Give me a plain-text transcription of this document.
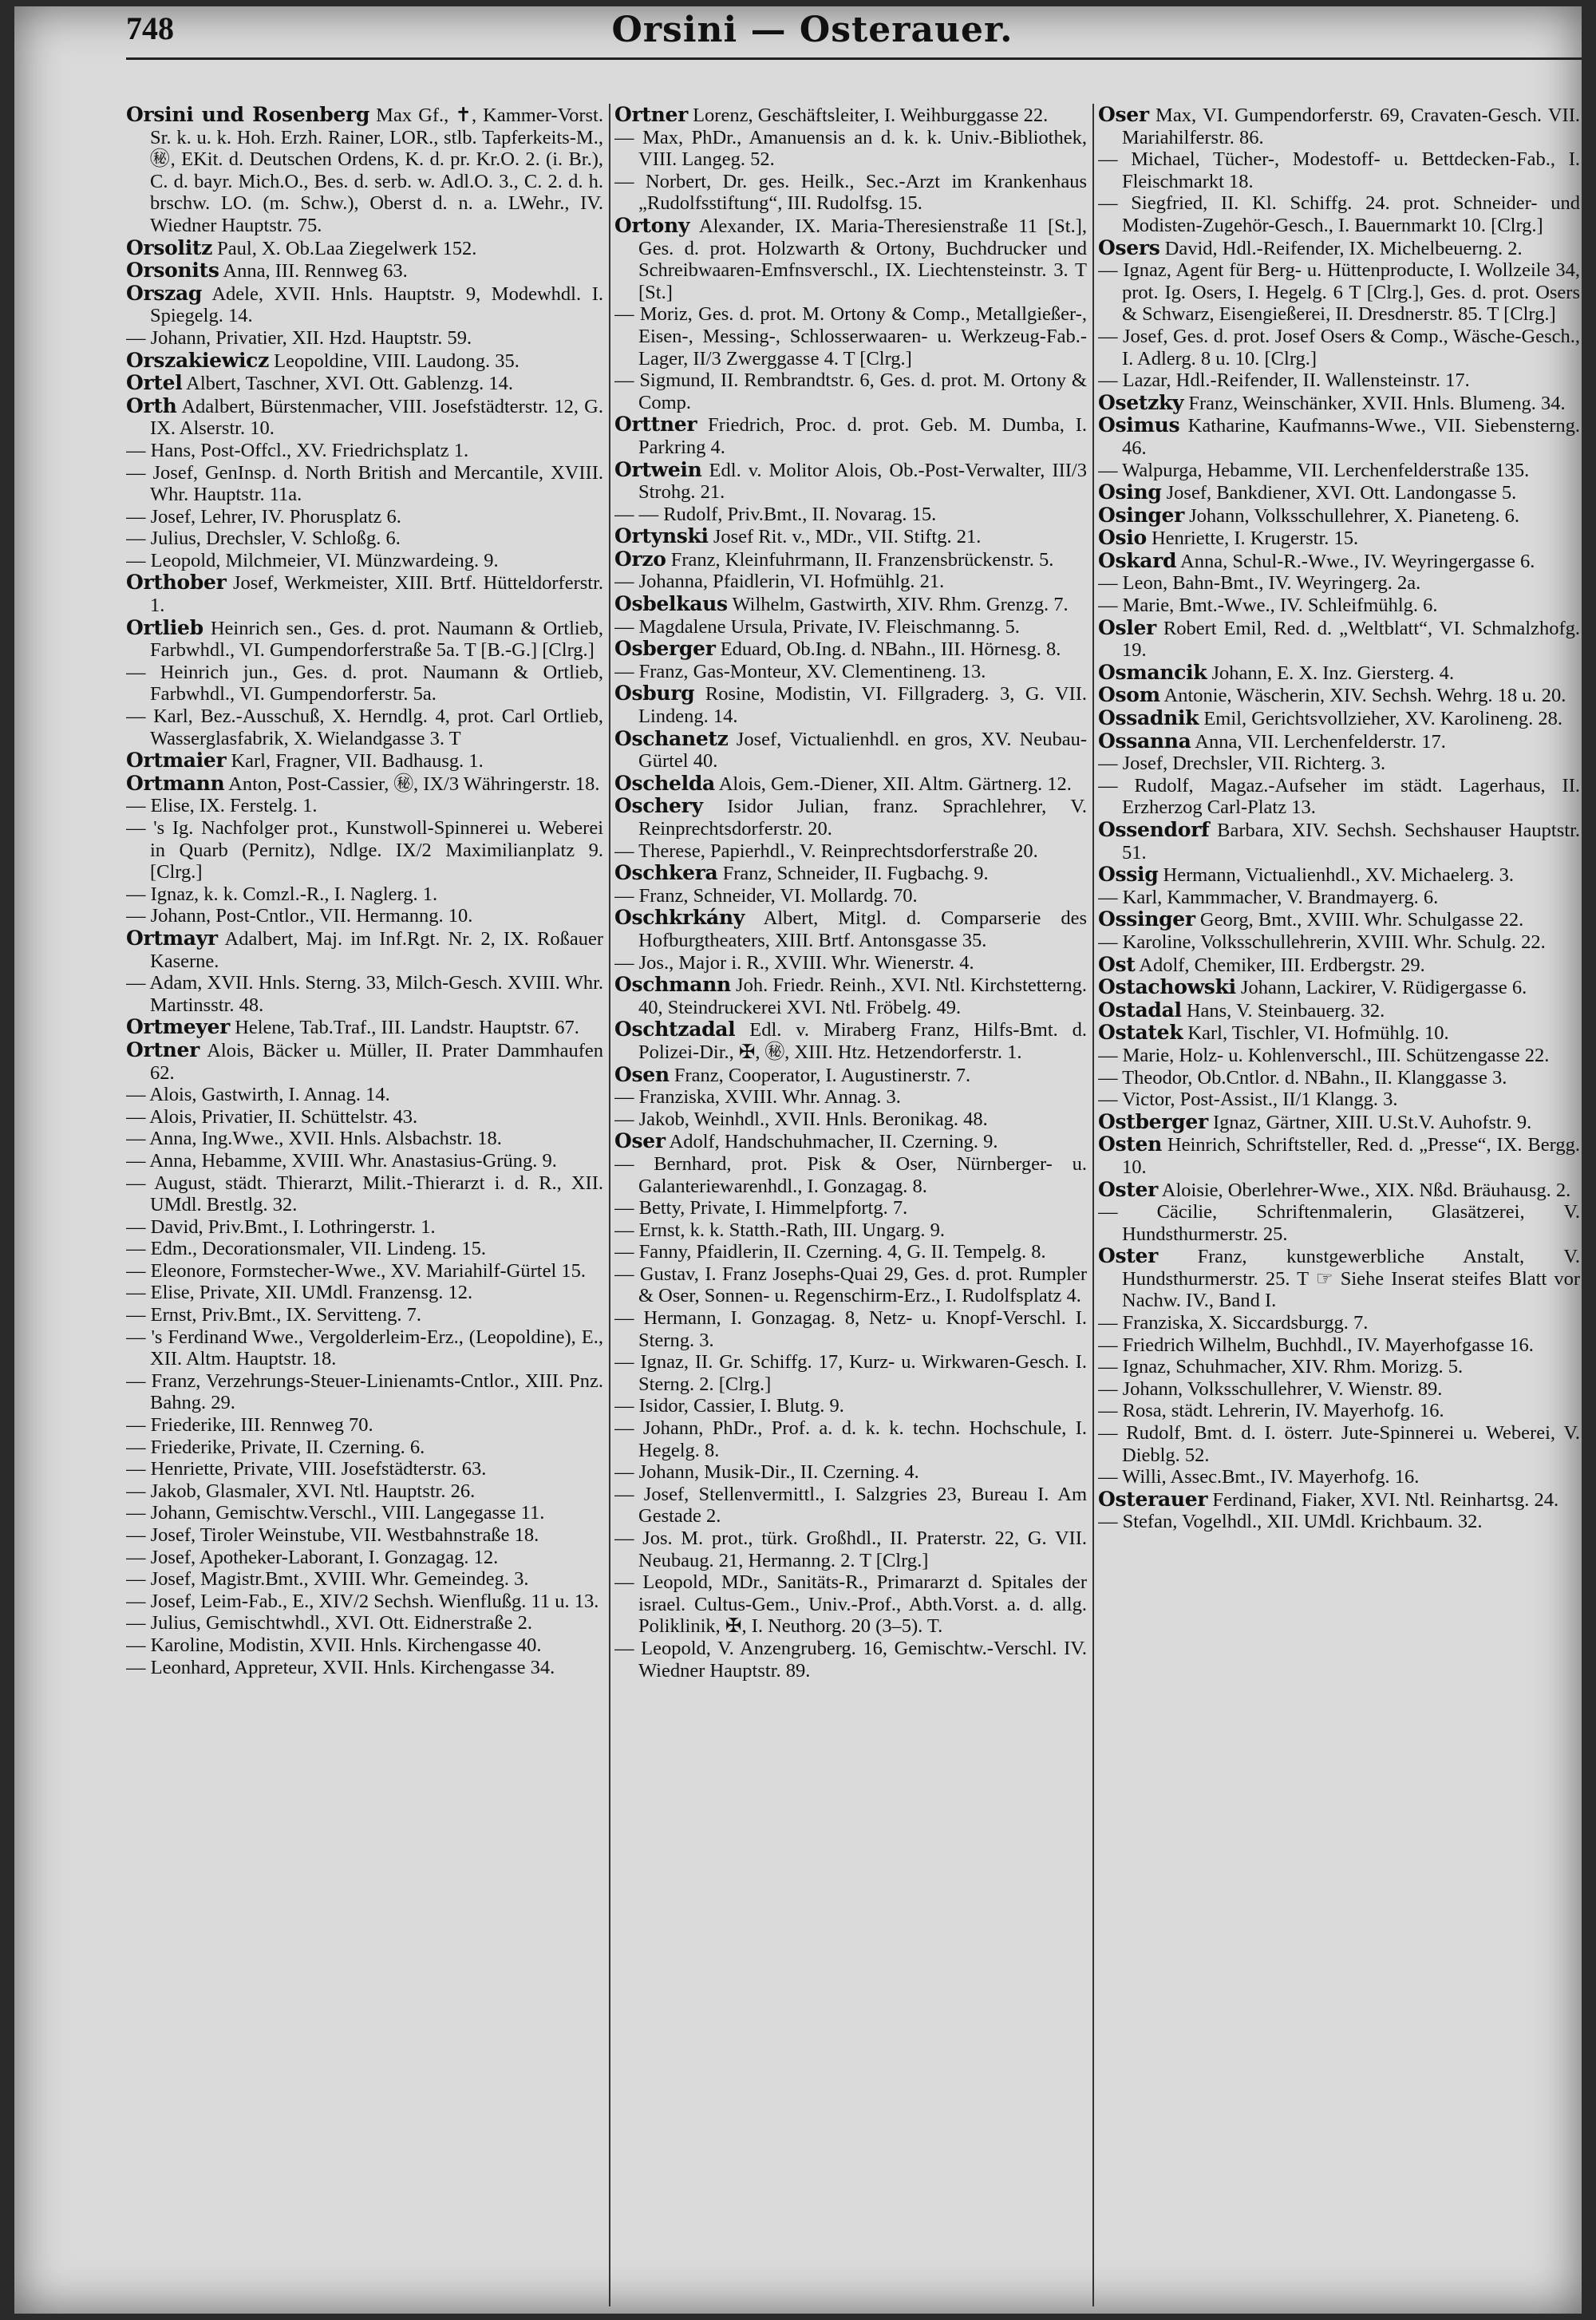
748	Orsini — Osterauer.

Orsini und Rosenberg Max Gf., ✝, Kammer-Vorst. Sr. k. u. k. Hoh. Erzh. Rainer, LOR., stlb. Tapferkeits-M., ㊙, EKit. d. Deutschen Ordens, K. d. pr. Kr.O. 2. (i. Br.), C. d. bayr. Mich.O., Bes. d. serb. w. Adl.O. 3., C. 2. d. h. brschw. LO. (m. Schw.), Oberst d. n. a. LWehr., IV. Wiedner Hauptstr. 75.

Orsolitz Paul, X. Ob.Laa Ziegelwerk 152.

Orsonits Anna, III. Rennweg 63.

Orszag Adele, XVII. Hnls. Hauptstr. 9, Modewhdl. I. Spiegelg. 14.

— Johann, Privatier, XII. Hzd. Hauptstr. 59.

Orszakiewicz Leopoldine, VIII. Laudong. 35.

Ortel Albert, Taschner, XVI. Ott. Gablenzg. 14.

Orth Adalbert, Bürstenmacher, VIII. Josefstädterstr. 12, G. IX. Alserstr. 10.

— Hans, Post-Offcl., XV. Friedrichsplatz 1.

— Josef, GenInsp. d. North British and Mercantile, XVIII. Whr. Hauptstr. 11a.

— Josef, Lehrer, IV. Phorusplatz 6.

— Julius, Drechsler, V. Schloßg. 6.

— Leopold, Milchmeier, VI. Münzwardeing. 9.

Orthober Josef, Werkmeister, XIII. Brtf. Hütteldorferstr. 1.

Ortlieb Heinrich sen., Ges. d. prot. Naumann & Ortlieb, Farbwhdl., VI. Gumpendorferstraße 5a. T [B.-G.] [Clrg.]

— Heinrich jun., Ges. d. prot. Naumann & Ortlieb, Farbwhdl., VI. Gumpendorferstr. 5a.

— Karl, Bez.-Ausschuß, X. Herndlg. 4, prot. Carl Ortlieb, Wasserglasfabrik, X. Wielandgasse 3. T

Ortmaier Karl, Fragner, VII. Badhausg. 1.

Ortmann Anton, Post-Cassier, ㊙, IX/3 Währingerstr. 18.

— Elise, IX. Ferstelg. 1.

— 's Ig. Nachfolger prot., Kunstwoll-Spinnerei u. Weberei in Quarb (Pernitz), Ndlge. IX/2 Maximilianplatz 9. [Clrg.]

— Ignaz, k. k. Comzl.-R., I. Naglerg. 1.

— Johann, Post-Cntlor., VII. Hermanng. 10.

Ortmayr Adalbert, Maj. im Inf.Rgt. Nr. 2, IX. Roßauer Kaserne.

— Adam, XVII. Hnls. Sterng. 33, Milch-Gesch. XVIII. Whr. Martinsstr. 48.

Ortmeyer Helene, Tab.Traf., III. Landstr. Hauptstr. 67.

Ortner Alois, Bäcker u. Müller, II. Prater Dammhaufen 62.

— Alois, Gastwirth, I. Annag. 14.

— Alois, Privatier, II. Schüttelstr. 43.

— Anna, Ing.Wwe., XVII. Hnls. Alsbachstr. 18.

— Anna, Hebamme, XVIII. Whr. Anastasius-Grüng. 9.

— August, städt. Thierarzt, Milit.-Thierarzt i. d. R., XII. UMdl. Brestlg. 32.

— David, Priv.Bmt., I. Lothringerstr. 1.

— Edm., Decorationsmaler, VII. Lindeng. 15.

— Eleonore, Formstecher-Wwe., XV. Mariahilf-Gürtel 15.

— Elise, Private, XII. UMdl. Franzensg. 12.

— Ernst, Priv.Bmt., IX. Servitteng. 7.

— 's Ferdinand Wwe., Vergolderleim-Erz., (Leopoldine), E., XII. Altm. Hauptstr. 18.

— Franz, Verzehrungs-Steuer-Linienamts-Cntlor., XIII. Pnz. Bahng. 29.

— Friederike, III. Rennweg 70.

— Friederike, Private, II. Czerning. 6.

— Henriette, Private, VIII. Josefstädterstr. 63.

— Jakob, Glasmaler, XVI. Ntl. Hauptstr. 26.

— Johann, Gemischtw.Verschl., VIII. Langegasse 11.

— Josef, Tiroler Weinstube, VII. Westbahnstraße 18.

— Josef, Apotheker-Laborant, I. Gonzagag. 12.

— Josef, Magistr.Bmt., XVIII. Whr. Gemeindeg. 3.

— Josef, Leim-Fab., E., XIV/2 Sechsh. Wienflußg. 11 u. 13.

— Julius, Gemischtwhdl., XVI. Ott. Eidnerstraße 2.

— Karoline, Modistin, XVII. Hnls. Kirchengasse 40.

— Leonhard, Appreteur, XVII. Hnls. Kirchengasse 34.

Ortner Lorenz, Geschäftsleiter, I. Weihburggasse 22.

— Max, PhDr., Amanuensis an d. k. k. Univ.-Bibliothek, VIII. Langeg. 52.

— Norbert, Dr. ges. Heilk., Sec.-Arzt im Krankenhaus „Rudolfsstiftung“, III. Rudolfsg. 15.

Ortony Alexander, IX. Maria-Theresienstraße 11 [St.], Ges. d. prot. Holzwarth & Ortony, Buchdrucker und Schreibwaaren-Emfnsverschl., IX. Liechtensteinstr. 3. T [St.]

— Moriz, Ges. d. prot. M. Ortony & Comp., Metallgießer-, Eisen-, Messing-, Schlosserwaaren- u. Werkzeug-Fab.-Lager, II/3 Zwerggasse 4. T [Clrg.]

— Sigmund, II. Rembrandtstr. 6, Ges. d. prot. M. Ortony & Comp.

Orttner Friedrich, Proc. d. prot. Geb. M. Dumba, I. Parkring 4.

Ortwein Edl. v. Molitor Alois, Ob.-Post-Verwalter, III/3 Strohg. 21.

— — Rudolf, Priv.Bmt., II. Novarag. 15.

Ortynski Josef Rit. v., MDr., VII. Stiftg. 21.

Orzo Franz, Kleinfuhrmann, II. Franzensbrückenstr. 5.

— Johanna, Pfaidlerin, VI. Hofmühlg. 21.

Osbelkaus Wilhelm, Gastwirth, XIV. Rhm. Grenzg. 7.

— Magdalene Ursula, Private, IV. Fleischmanng. 5.

Osberger Eduard, Ob.Ing. d. NBahn., III. Hörnesg. 8.

— Franz, Gas-Monteur, XV. Clementineng. 13.

Osburg Rosine, Modistin, VI. Fillgraderg. 3, G. VII. Lindeng. 14.

Oschanetz Josef, Victualienhdl. en gros, XV. Neubau-Gürtel 40.

Oschelda Alois, Gem.-Diener, XII. Altm. Gärtnerg. 12.

Oschery Isidor Julian, franz. Sprachlehrer, V. Reinprechtsdorferstr. 20.

— Therese, Papierhdl., V. Reinprechtsdorferstraße 20.

Oschkera Franz, Schneider, II. Fugbachg. 9.

— Franz, Schneider, VI. Mollardg. 70.

Oschkrkány Albert, Mitgl. d. Comparserie des Hofburgtheaters, XIII. Brtf. Antonsgasse 35.

— Jos., Major i. R., XVIII. Whr. Wienerstr. 4.

Oschmann Joh. Friedr. Reinh., XVI. Ntl. Kirchstetterng. 40, Steindruckerei XVI. Ntl. Fröbelg. 49.

Oschtzadal Edl. v. Miraberg Franz, Hilfs-Bmt. d. Polizei-Dir., ✠, ㊙, XIII. Htz. Hetzendorferstr. 1.

Osen Franz, Cooperator, I. Augustinerstr. 7.

— Franziska, XVIII. Whr. Annag. 3.

— Jakob, Weinhdl., XVII. Hnls. Beronikag. 48.

Oser Adolf, Handschuhmacher, II. Czerning. 9.

— Bernhard, prot. Pisk & Oser, Nürnberger- u. Galanteriewarenhdl., I. Gonzagag. 8.

— Betty, Private, I. Himmelpfortg. 7.

— Ernst, k. k. Statth.-Rath, III. Ungarg. 9.

— Fanny, Pfaidlerin, II. Czerning. 4, G. II. Tempelg. 8.

— Gustav, I. Franz Josephs-Quai 29, Ges. d. prot. Rumpler & Oser, Sonnen- u. Regenschirm-Erz., I. Rudolfsplatz 4.

— Hermann, I. Gonzagag. 8, Netz- u. Knopf-Verschl. I. Sterng. 3.

— Ignaz, II. Gr. Schiffg. 17, Kurz- u. Wirkwaren-Gesch. I. Sterng. 2. [Clrg.]

— Isidor, Cassier, I. Blutg. 9.

— Johann, PhDr., Prof. a. d. k. k. techn. Hochschule, I. Hegelg. 8.

— Johann, Musik-Dir., II. Czerning. 4.

— Josef, Stellenvermittl., I. Salzgries 23, Bureau I. Am Gestade 2.

— Jos. M. prot., türk. Großhdl., II. Praterstr. 22, G. VII. Neubaug. 21, Hermanng. 2. T [Clrg.]

— Leopold, MDr., Sanitäts-R., Primararzt d. Spitales der israel. Cultus-Gem., Univ.-Prof., Abth.Vorst. a. d. allg. Poliklinik, ✠, I. Neuthorg. 20 (3–5). T.

— Leopold, V. Anzengruberg. 16, Gemischtw.-Verschl. IV. Wiedner Hauptstr. 89.

Oser Max, VI. Gumpendorferstr. 69, Cravaten-Gesch. VII. Mariahilferstr. 86.

— Michael, Tücher-, Modestoff- u. Bettdecken-Fab., I. Fleischmarkt 18.

— Siegfried, II. Kl. Schiffg. 24. prot. Schneider- und Modisten-Zugehör-Gesch., I. Bauernmarkt 10. [Clrg.]

Osers David, Hdl.-Reifender, IX. Michelbeuerng. 2.

— Ignaz, Agent für Berg- u. Hüttenproducte, I. Wollzeile 34, prot. Ig. Osers, I. Hegelg. 6 T [Clrg.], Ges. d. prot. Osers & Schwarz, Eisengießerei, II. Dresdnerstr. 85. T [Clrg.]

— Josef, Ges. d. prot. Josef Osers & Comp., Wäsche-Gesch., I. Adlerg. 8 u. 10. [Clrg.]

— Lazar, Hdl.-Reifender, II. Wallensteinstr. 17.

Osetzky Franz, Weinschänker, XVII. Hnls. Blumeng. 34.

Osimus Katharine, Kaufmanns-Wwe., VII. Siebensterng. 46.

— Walpurga, Hebamme, VII. Lerchenfelderstraße 135.

Osing Josef, Bankdiener, XVI. Ott. Landongasse 5.

Osinger Johann, Volksschullehrer, X. Pianeteng. 6.

Osio Henriette, I. Krugerstr. 15.

Oskard Anna, Schul-R.-Wwe., IV. Weyringergasse 6.

— Leon, Bahn-Bmt., IV. Weyringerg. 2a.

— Marie, Bmt.-Wwe., IV. Schleifmühlg. 6.

Osler Robert Emil, Red. d. „Weltblatt“, VI. Schmalzhofg. 19.

Osmancik Johann, E. X. Inz. Giersterg. 4.

Osom Antonie, Wäscherin, XIV. Sechsh. Wehrg. 18 u. 20.

Ossadnik Emil, Gerichtsvollzieher, XV. Karolineng. 28.

Ossanna Anna, VII. Lerchenfelderstr. 17.

— Josef, Drechsler, VII. Richterg. 3.

— Rudolf, Magaz.-Aufseher im städt. Lagerhaus, II. Erzherzog Carl-Platz 13.

Ossendorf Barbara, XIV. Sechsh. Sechshauser Hauptstr. 51.

Ossig Hermann, Victualienhdl., XV. Michaelerg. 3.

— Karl, Kammmacher, V. Brandmayerg. 6.

Ossinger Georg, Bmt., XVIII. Whr. Schulgasse 22.

— Karoline, Volksschullehrerin, XVIII. Whr. Schulg. 22.

Ost Adolf, Chemiker, III. Erdbergstr. 29.

Ostachowski Johann, Lackirer, V. Rüdigergasse 6.

Ostadal Hans, V. Steinbauerg. 32.

Ostatek Karl, Tischler, VI. Hofmühlg. 10.

— Marie, Holz- u. Kohlenverschl., III. Schützengasse 22.

— Theodor, Ob.Cntlor. d. NBahn., II. Klanggasse 3.

— Victor, Post-Assist., II/1 Klangg. 3.

Ostberger Ignaz, Gärtner, XIII. U.St.V. Auhofstr. 9.

Osten Heinrich, Schriftsteller, Red. d. „Presse“, IX. Bergg. 10.

Oster Aloisie, Oberlehrer-Wwe., XIX. Nßd. Bräuhausg. 2.

— Cäcilie, Schriftenmalerin, Glasätzerei, V. Hundsthurmerstr. 25.

Oster Franz, kunstgewerbliche Anstalt, V. Hundsthurmerstr. 25. T ☞ Siehe Inserat steifes Blatt vor Nachw. IV., Band I.

— Franziska, X. Siccardsburgg. 7.

— Friedrich Wilhelm, Buchhdl., IV. Mayerhofgasse 16.

— Ignaz, Schuhmacher, XIV. Rhm. Morizg. 5.

— Johann, Volksschullehrer, V. Wienstr. 89.

— Rosa, städt. Lehrerin, IV. Mayerhofg. 16.

— Rudolf, Bmt. d. I. österr. Jute-Spinnerei u. Weberei, V. Dieblg. 52.

— Willi, Assec.Bmt., IV. Mayerhofg. 16.

Osterauer Ferdinand, Fiaker, XVI. Ntl. Reinhartsg. 24.

— Stefan, Vogelhdl., XII. UMdl. Krichbaum. 32.
